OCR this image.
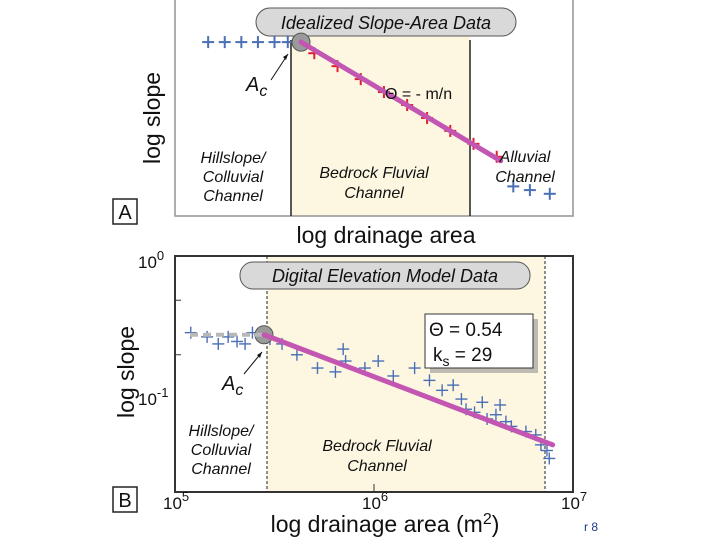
Idealized Slope-Area Data
log slope
log drainage area
$A_c$	Θ = - m/n
Hillslope/
Colluvial
Channel
Bedrock Fluvial
Channel
Alluvial
Channel
A
$10^5$	$10^6$	$10^7$
$10^0$
$10^{-1}$
Digital Elevation Model Data
log slope
log drainage area $(m^2)$
Θ = 0.54
$k_s = 29$
$A_c$
Hillslope/
Colluvial
Channel
Bedrock Fluvial
Channel
B
r 8
